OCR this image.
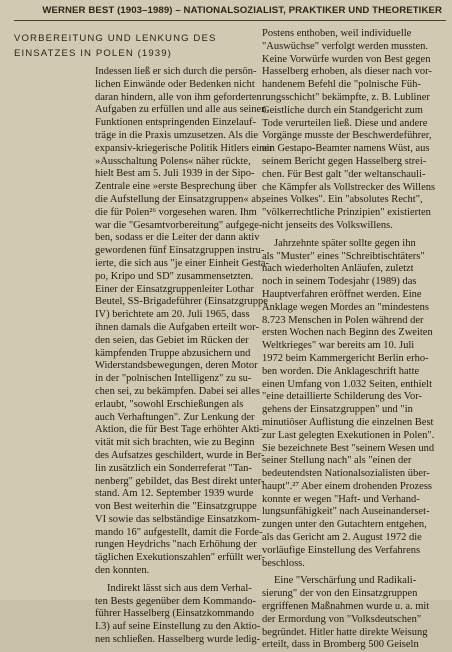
WERNER BEST (1903–1989) – NATIONALSOZIALIST, PRAKTIKER UND THEORETIKER
VORBEREITUNG UND LENKUNG DES
EINSATZES IN POLEN (1939)
Indessen ließ er sich durch die persön-
lichen Einwände oder Bedenken nicht
daran hindern, alle von ihm geforderten
Aufgaben zu erfüllen und alle aus seinen
Funktionen entspringenden Einzelauf-
träge in die Praxis umzusetzen. Als die
expansiv-kriegerische Politik Hitlers einer
»Ausschaltung Polens« näher rückte,
hielt Best am 5. Juli 1939 in der Sipo-
Zentrale eine »erste Besprechung über
die Aufstellung der Einsatzgruppen« ab,
die für Polen²⁶ vorgesehen waren. Ihm
war die "Gesamtvorbereitung" aufgege-
ben, sodass er die Leiter der dann aktiv
gewordenen fünf Einsatzgruppen instru-
ierte, die sich aus "je einer Einheit Gesta-
po, Kripo und SD" zusammensetzten.
Einer der Einsatzgruppenleiter Lothar
Beutel, SS-Brigadeführer (Einsatzgruppe
IV) berichtete am 20. Juli 1965, dass
ihnen damals die Aufgaben erteilt wor-
den seien, das Gebiet im Rücken der
kämpfenden Truppe abzusichern und
Widerstandsbewegungen, deren Motor
in der "polnischen Intelligenz" zu su-
chen sei, zu bekämpfen. Dabei sei alles
erlaubt, "sowohl Erschießungen als
auch Verhaftungen". Zur Lenkung der
Aktion, die für Best Tage erhöhter Akti-
vität mit sich brachten, wie zu Beginn
des Aufsatzes geschildert, wurde in Ber-
lin zusätzlich ein Sonderreferat "Tan-
nenberg" gebildet, das Best direkt unter-
stand. Am 12. September 1939 wurde
von Best weiterhin die "Einsatzgruppe
VI sowie das selbständige Einsatzkom-
mando 16" aufgestellt, damit die Forde-
rungen Heydrichs "nach Erhöhung der
täglichen Exekutionszahlen" erfüllt wer-
den konnten.
Indirekt lässt sich aus dem Verhal-
ten Bests gegenüber dem Kommando-
führer Hasselberg (Einsatzkommando
I.3) auf seine Einstellung zu den Aktio-
nen schließen. Hasselberg wurde ledig-
Postens enthoben, weil individuelle
"Auswüchse" verfolgt werden mussten.
Keine Vorwürfe wurden von Best gegen
Hasselberg erhoben, als dieser nach vor-
handenem Befehl die "polnische Füh-
rungsschicht" bekämpfte, z. B. Lubliner
Geistliche durch ein Standgericht zum
Tode verurteilen ließ. Diese und andere
Vorgänge musste der Beschwerdeführer,
ein Gestapo-Beamter namens Wüst, aus
seinem Bericht gegen Hasselberg strei-
chen. Für Best galt "der weltanschauli-
che Kämpfer als Vollstrecker des Willens
seines Volkes". Ein "absolutes Recht",
"völkerrechtliche Prinzipien" existierten
nicht jenseits des Volkswillens.
Jahrzehnte später sollte gegen ihn
als "Muster" eines "Schreibtischtäters"
nach wiederholten Anläufen, zuletzt
noch in seinem Todesjahr (1989) das
Hauptverfahren eröffnet werden. Eine
Anklage wegen Mordes an "mindestens
8.723 Menschen in Polen während der
ersten Wochen nach Beginn des Zweiten
Weltkrieges" war bereits am 10. Juli
1972 beim Kammergericht Berlin erho-
ben worden. Die Anklageschrift hatte
einen Umfang von 1.032 Seiten, enthielt
"eine detaillierte Schilderung des Vor-
gehens der Einsatzgruppen" und "in
minutiöser Auflistung die einzelnen Best
zur Last gelegten Exekutionen in Polen".
Sie bezeichnete Best "seinem Wesen und
seiner Stellung nach" als "einen der
bedeutendsten Nationalsozialisten über-
haupt".²⁷ Aber einem drohenden Prozess
konnte er wegen "Haft- und Verhand-
lungsunfähigkeit" nach Auseinanderset-
zungen unter den Gutachtern entgehen,
als das Gericht am 2. August 1972 die
vorläufige Einstellung des Verfahrens
beschloss.
Eine "Verschärfung und Radikali-
sierung" der von den Einsatzgruppen
ergriffenen Maßnahmen wurde u. a. mit
der Ermordung von "Volksdeutschen"
begründet. Hitler hatte direkte Weisung
erteilt, dass in Bromberg 500 Geiseln
